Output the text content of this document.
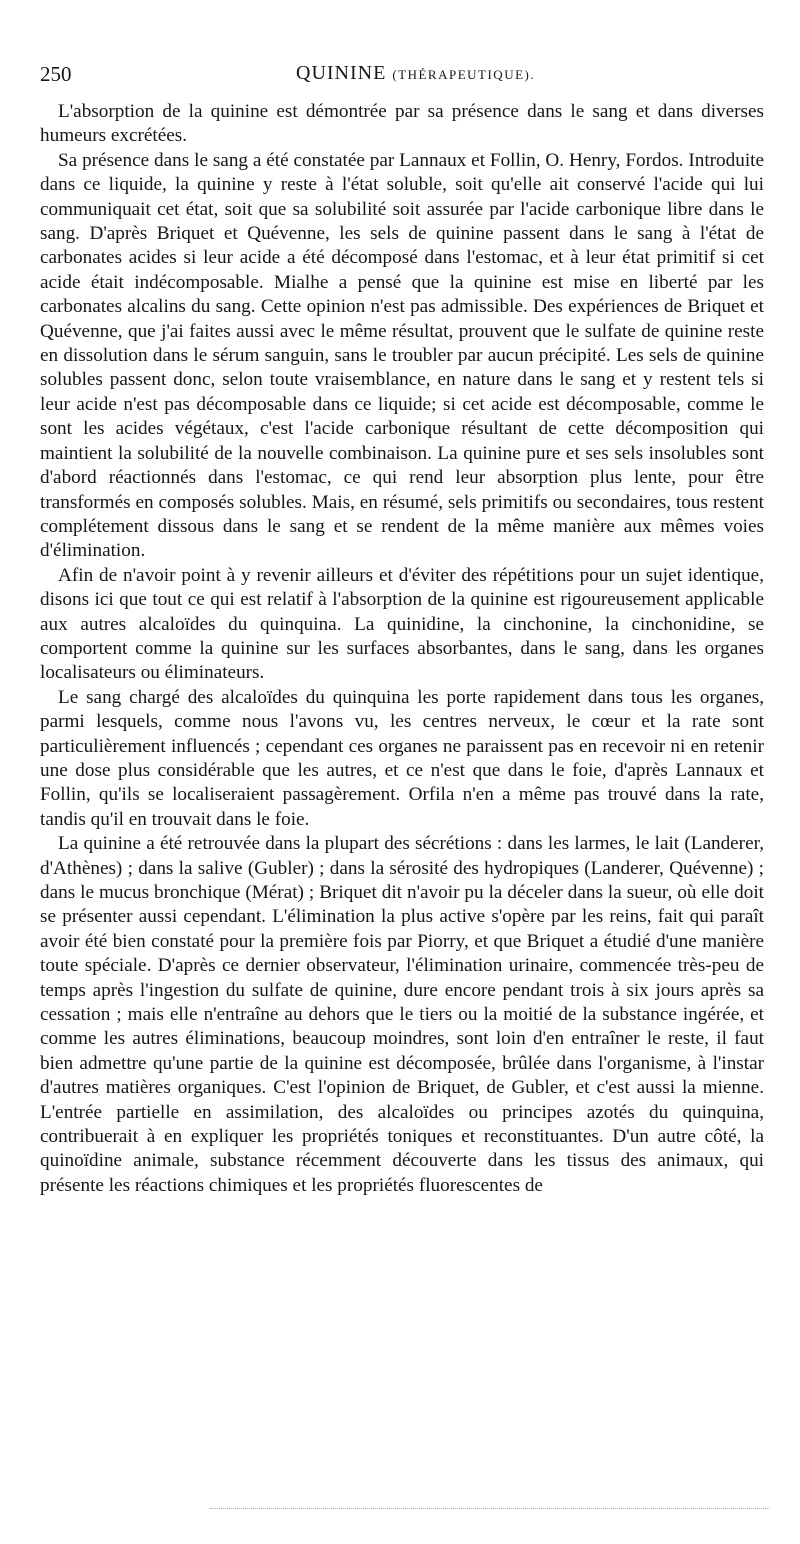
250	QUININE (THÉRAPEUTIQUE).

L'absorption de la quinine est démontrée par sa présence dans le sang et dans diverses humeurs excrétées.

Sa présence dans le sang a été constatée par Lannaux et Follin, O. Henry, Fordos. Introduite dans ce liquide, la quinine y reste à l'état soluble, soit qu'elle ait conservé l'acide qui lui communiquait cet état, soit que sa solubilité soit assurée par l'acide carbonique libre dans le sang. D'après Briquet et Quévenne, les sels de quinine passent dans le sang à l'état de carbonates acides si leur acide a été décomposé dans l'estomac, et à leur état primitif si cet acide était indécomposable. Mialhe a pensé que la quinine est mise en liberté par les carbonates alcalins du sang. Cette opinion n'est pas admissible. Des expériences de Briquet et Quévenne, que j'ai faites aussi avec le même résultat, prouvent que le sulfate de quinine reste en dissolution dans le sérum sanguin, sans le troubler par aucun précipité. Les sels de quinine solubles passent donc, selon toute vraisemblance, en nature dans le sang et y restent tels si leur acide n'est pas décomposable dans ce liquide; si cet acide est décomposable, comme le sont les acides végétaux, c'est l'acide carbonique résultant de cette décomposition qui maintient la solubilité de la nouvelle combinaison. La quinine pure et ses sels insolubles sont d'abord réactionnés dans l'estomac, ce qui rend leur absorption plus lente, pour être transformés en composés solubles. Mais, en résumé, sels primitifs ou secondaires, tous restent complétement dissous dans le sang et se rendent de la même manière aux mêmes voies d'élimination.

Afin de n'avoir point à y revenir ailleurs et d'éviter des répétitions pour un sujet identique, disons ici que tout ce qui est relatif à l'absorption de la quinine est rigoureusement applicable aux autres alcaloïdes du quinquina. La quinidine, la cinchonine, la cinchonidine, se comportent comme la quinine sur les surfaces absorbantes, dans le sang, dans les organes localisateurs ou éliminateurs.

Le sang chargé des alcaloïdes du quinquina les porte rapidement dans tous les organes, parmi lesquels, comme nous l'avons vu, les centres nerveux, le cœur et la rate sont particulièrement influencés ; cependant ces organes ne paraissent pas en recevoir ni en retenir une dose plus considérable que les autres, et ce n'est que dans le foie, d'après Lannaux et Follin, qu'ils se localiseraient passagèrement. Orfila n'en a même pas trouvé dans la rate, tandis qu'il en trouvait dans le foie.

La quinine a été retrouvée dans la plupart des sécrétions : dans les larmes, le lait (Landerer, d'Athènes) ; dans la salive (Gubler) ; dans la sérosité des hydropiques (Landerer, Quévenne) ; dans le mucus bronchique (Mérat) ; Briquet dit n'avoir pu la déceler dans la sueur, où elle doit se présenter aussi cependant. L'élimination la plus active s'opère par les reins, fait qui paraît avoir été bien constaté pour la première fois par Piorry, et que Briquet a étudié d'une manière toute spéciale. D'après ce dernier observateur, l'élimination urinaire, commencée très-peu de temps après l'ingestion du sulfate de quinine, dure encore pendant trois à six jours après sa cessation ; mais elle n'entraîne au dehors que le tiers ou la moitié de la substance ingérée, et comme les autres éliminations, beaucoup moindres, sont loin d'en entraîner le reste, il faut bien admettre qu'une partie de la quinine est décomposée, brûlée dans l'organisme, à l'instar d'autres matières organiques. C'est l'opinion de Briquet, de Gubler, et c'est aussi la mienne. L'entrée partielle en assimilation, des alcaloïdes ou principes azotés du quinquina, contribuerait à en expliquer les propriétés toniques et reconstituantes. D'un autre côté, la quinoïdine animale, substance récemment découverte dans les tissus des animaux, qui présente les réactions chimiques et les propriétés fluorescentes de
